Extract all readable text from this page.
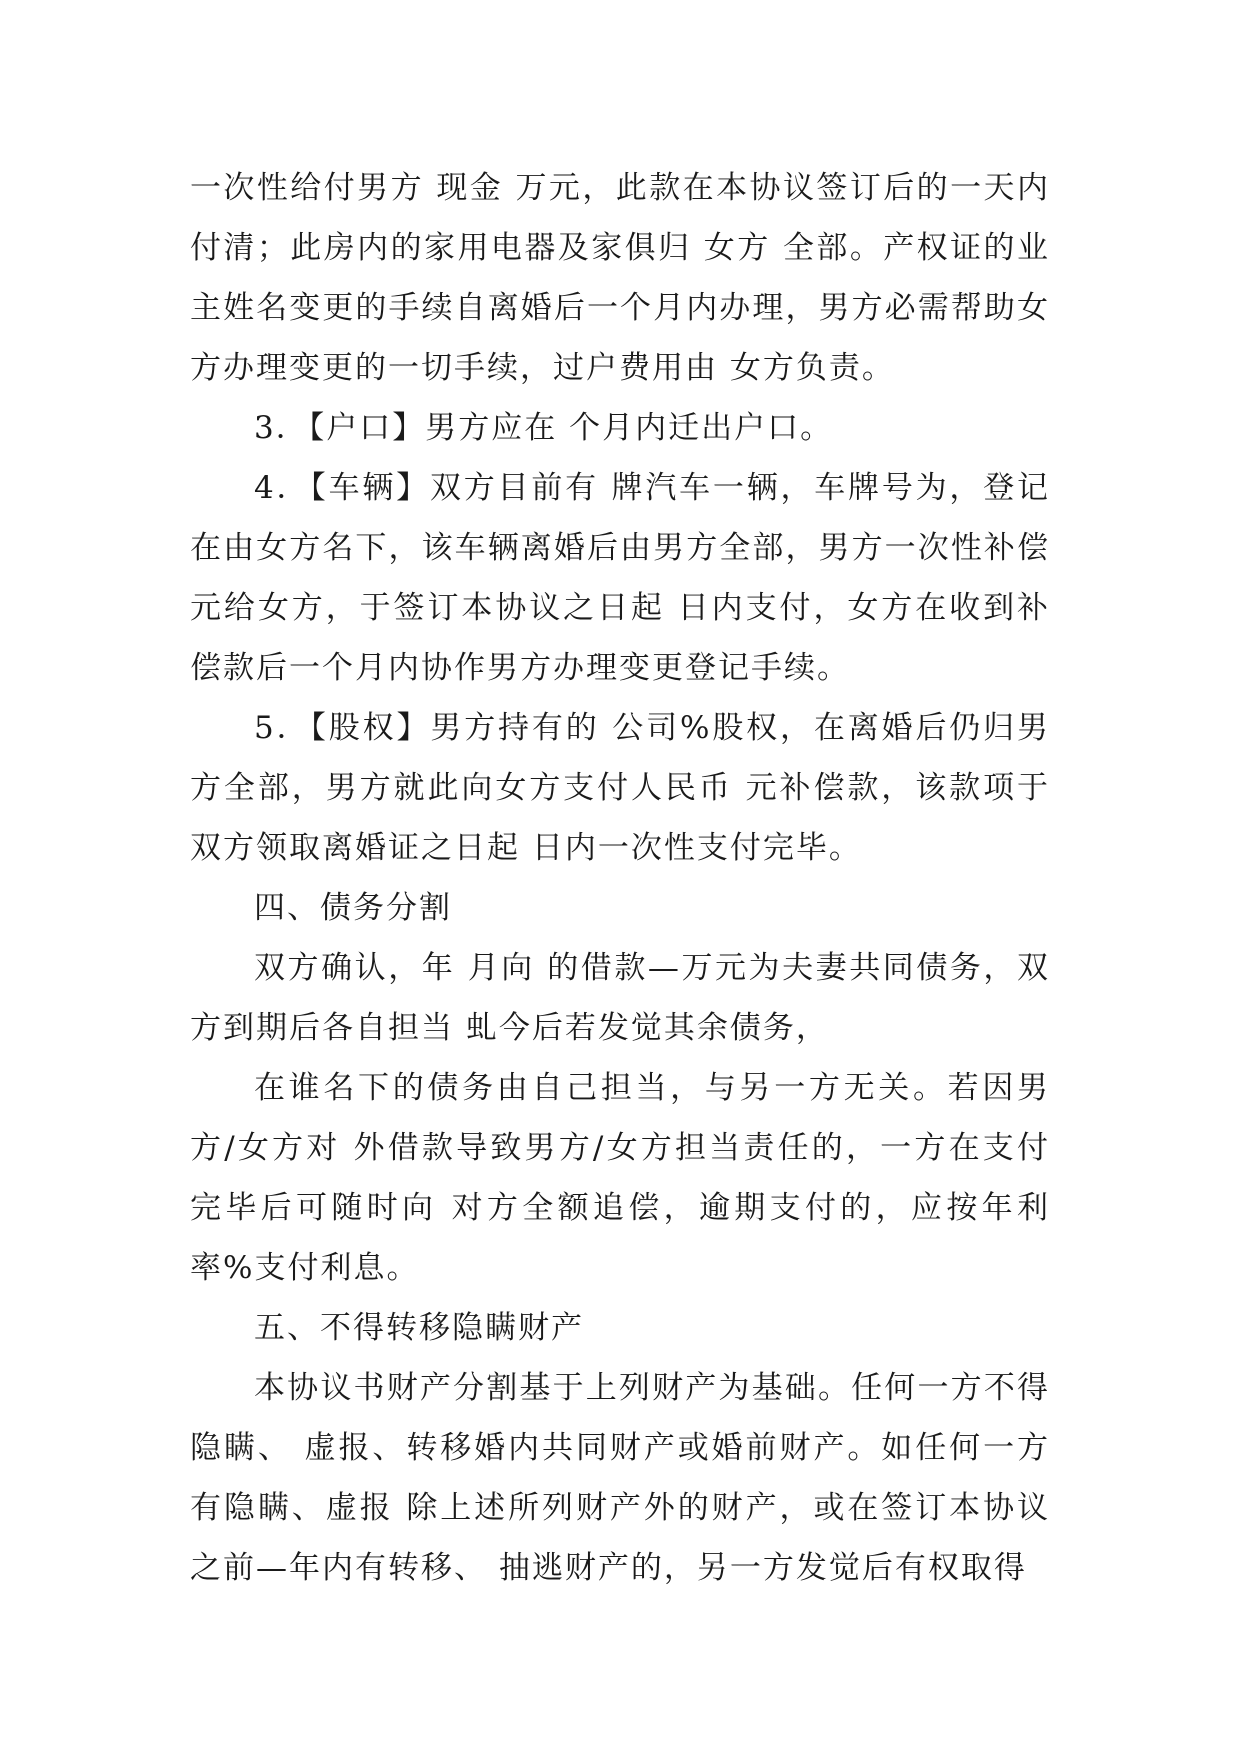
一次性给付男方 现金 万元，此款在本协议签订后的一天内付清；此房内的家用电器及家俱归 女方 全部。产权证的业主姓名变更的手续自离婚后一个月内办理，男方必需帮助女方办理变更的一切手续，过户费用由 女方负责。

3．【户口】男方应在 个月内迁出户口。

4．【车辆】双方目前有 牌汽车一辆，车牌号为，登记在由女方名下，该车辆离婚后由男方全部，男方一次性补偿元给女方，于签订本协议之日起 日内支付，女方在收到补偿款后一个月内协作男方办理变更登记手续。

5．【股权】男方持有的 公司%股权，在离婚后仍归男方全部，男方就此向女方支付人民币 元补偿款，该款项于双方领取离婚证之日起 日内一次性支付完毕。

四、债务分割

双方确认，年 月向 的借款—万元为夫妻共同债务，双方到期后各自担当 虬今后若发觉其余债务，

在谁名下的债务由自己担当，与另一方无关。若因男方/女方对 外借款导致男方/女方担当责任的，一方在支付完毕后可随时向 对方全额追偿，逾期支付的，应按年利率%支付利息。

五、不得转移隐瞒财产

本协议书财产分割基于上列财产为基础。任何一方不得隐瞒、 虚报、转移婚内共同财产或婚前财产。如任何一方有隐瞒、虚报 除上述所列财产外的财产，或在签订本协议之前—年内有转移、 抽逃财产的，另一方发觉后有权取得
